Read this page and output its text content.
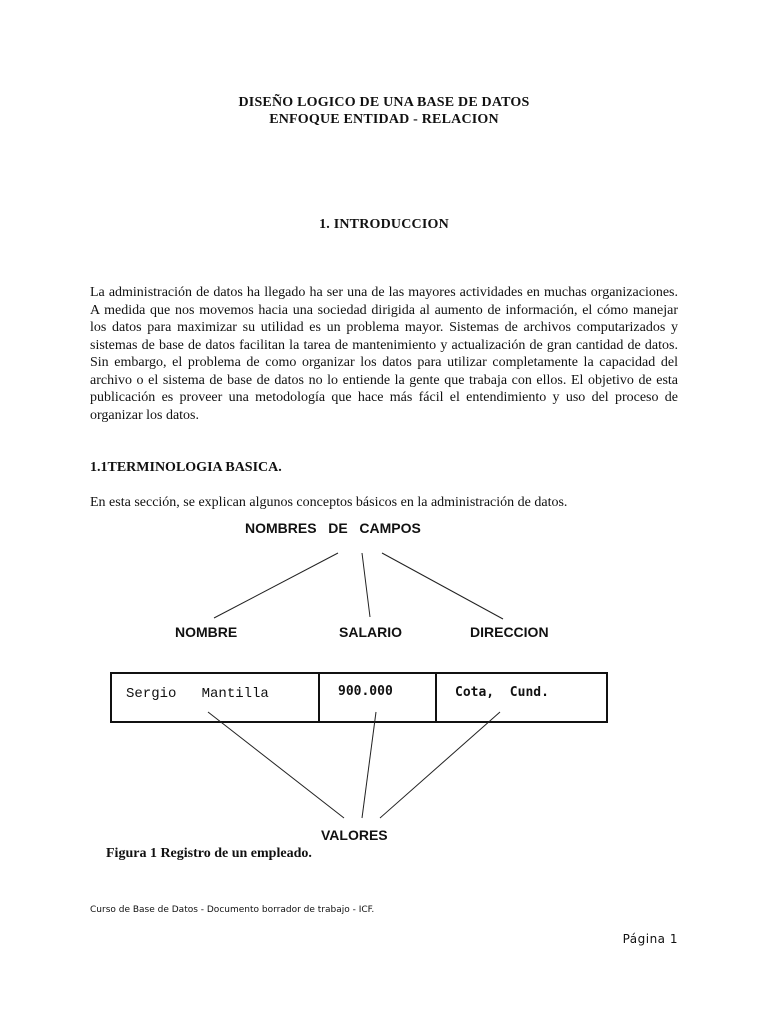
DISEÑO LOGICO DE UNA BASE DE DATOS
ENFOQUE ENTIDAD - RELACION
1. INTRODUCCION
La administración de datos ha llegado ha ser una de las mayores actividades en muchas organizaciones. A medida que nos movemos hacia una sociedad dirigida al aumento de información, el cómo manejar los datos para maximizar su utilidad es un problema mayor. Sistemas de archivos computarizados y sistemas de base de datos facilitan la tarea de mantenimiento y actualización de gran cantidad de datos. Sin embargo, el problema de como organizar los datos para utilizar completamente la capacidad del archivo o el sistema de base de datos no lo entiende la gente que trabaja con ellos. El objetivo de esta publicación es proveer una metodología que hace más fácil el entendimiento y uso del proceso de organizar los datos.
1.1TERMINOLOGIA BASICA.
En esta sección, se explican algunos conceptos básicos en la administración de datos.
NOMBRES   DE   CAMPOS
NOMBRE	SALARIO	DIRECCION
Sergio   Mantilla	900.000	Cota,  Cund.
VALORES
Figura 1 Registro de un empleado.
Curso de Base de Datos - Documento borrador de trabajo - ICF.
Página 1
